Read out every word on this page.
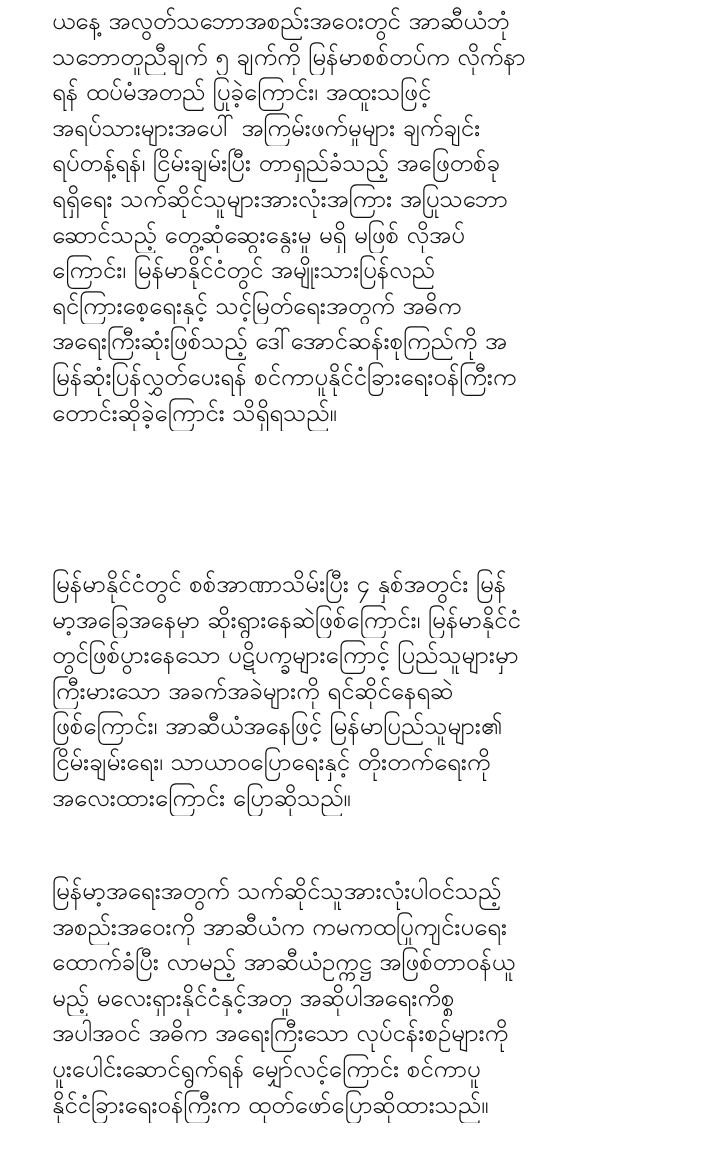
ယနေ့ အလွတ်သဘောအစည်းအဝေးတွင် အာဆီယံဘုံ
သဘောတူညီချက် ၅ ချက်ကို မြန်မာစစ်တပ်က လိုက်နာ
ရန် ထပ်မံအတည် ပြုခဲ့ကြောင်း၊ အထူးသဖြင့်
အရပ်သားများအပေါ် အကြမ်းဖက်မှုများ ချက်ချင်း
ရပ်တန့်ရန်၊ ငြိမ်းချမ်းပြီး တာရှည်ခံသည့် အဖြေတစ်ခု
ရရှိရေး သက်ဆိုင်သူများအားလုံးအကြား အပြုသဘော
ဆောင်သည့် တွေ့ဆုံဆွေးနွေးမှု မရှိ မဖြစ် လိုအပ်
ကြောင်း၊ မြန်မာနိုင်ငံတွင် အမျိုးသားပြန်လည်
ရင်ကြားစေ့ရေးနှင့် သင့်မြတ်ရေးအတွက် အဓိက
အရေးကြီးဆုံးဖြစ်သည့် ဒေါ်အောင်ဆန်းစုကြည်ကို အ
မြန်ဆုံးပြန်လွှတ်ပေးရန် စင်ကာပူနိုင်ငံခြားရေးဝန်ကြီးက
တောင်းဆိုခဲ့ကြောင်း သိရှိရသည်။

မြန်မာနိုင်ငံတွင် စစ်အာဏာသိမ်းပြီး ၄ နှစ်အတွင်း မြန်
မာ့အခြေအနေမှာ ဆိုးရွားနေဆဲဖြစ်ကြောင်း၊ မြန်မာနိုင်ငံ
တွင်ဖြစ်ပွားနေသော ပဋိပက္ခများကြောင့် ပြည်သူများမှာ
ကြီးမားသော အခက်အခဲများကို ရင်ဆိုင်နေရဆဲ
ဖြစ်ကြောင်း၊ အာဆီယံအနေဖြင့် မြန်မာပြည်သူများ၏
ငြိမ်းချမ်းရေး၊ သာယာဝပြောရေးနှင့် တိုးတက်ရေးကို
အလေးထားကြောင်း ပြောဆိုသည်။

မြန်မာ့အရေးအတွက် သက်ဆိုင်သူအားလုံးပါဝင်သည့်
အစည်းအဝေးကို အာဆီယံက ကမကထပြုကျင်းပရေး
ထောက်ခံပြီး လာမည့် အာဆီယံဥက္ကဋ္ဌ အဖြစ်တာဝန်ယူ
မည့် မလေးရှားနိုင်ငံနှင့်အတူ အဆိုပါအရေးကိစ္စ
အပါအဝင် အဓိက အရေးကြီးသော လုပ်ငန်းစဉ်များကို
ပူးပေါင်းဆောင်ရွက်ရန် မျှော်လင့်ကြောင်း စင်ကာပူ
နိုင်ငံခြားရေးဝန်ကြီးက ထုတ်ဖော်ပြောဆိုထားသည်။
